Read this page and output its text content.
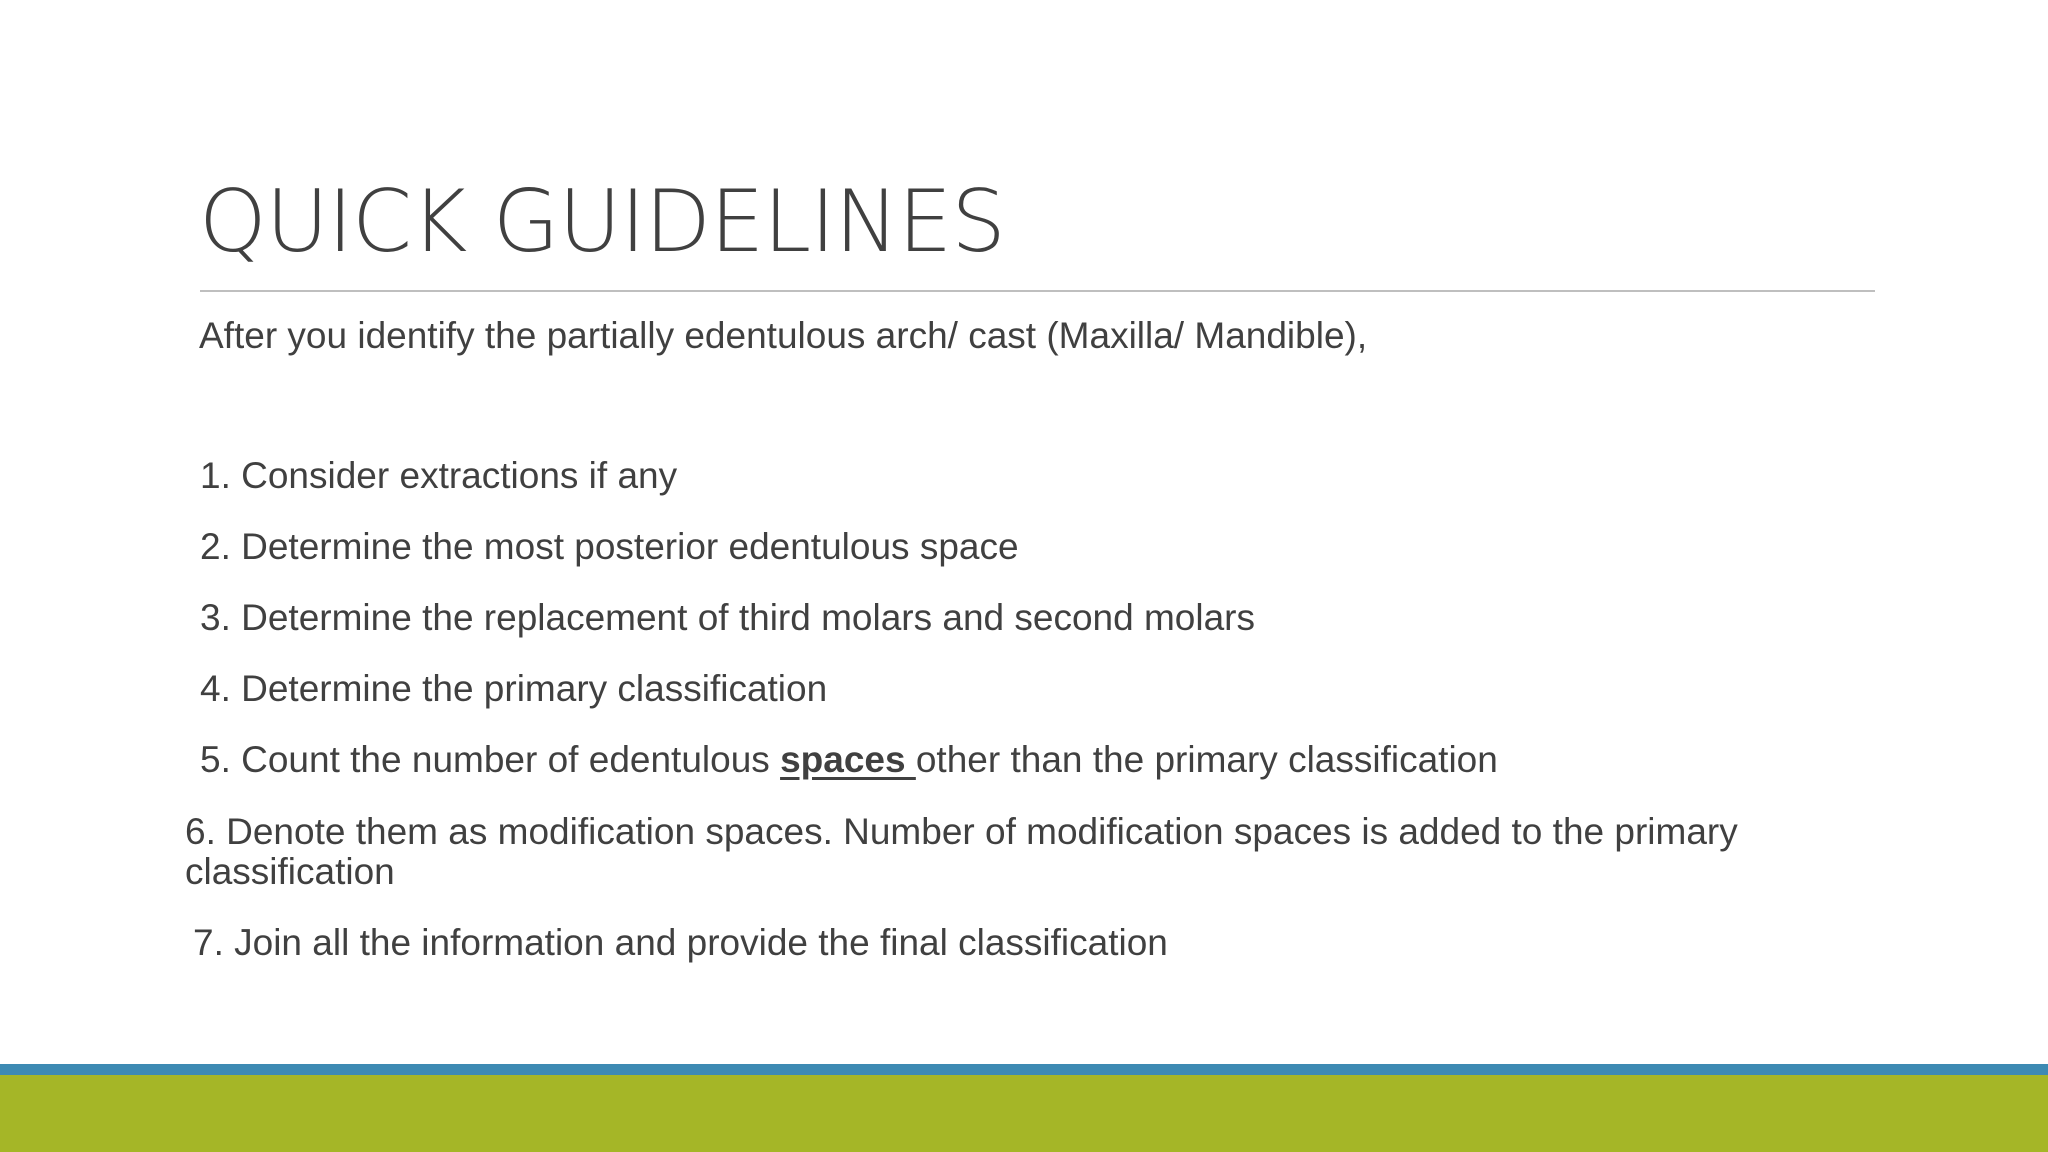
QUICK GUIDELINES
After you identify the partially edentulous arch/ cast (Maxilla/ Mandible),
1. Consider extractions if any
2. Determine the most posterior edentulous space
3. Determine the replacement of third molars and second molars
4. Determine the primary classification
5. Count the number of edentulous spaces other than the primary classification
6. Denote them as modification spaces. Number of modification spaces is added to the primary
classification
7. Join all the information and provide the final classification
